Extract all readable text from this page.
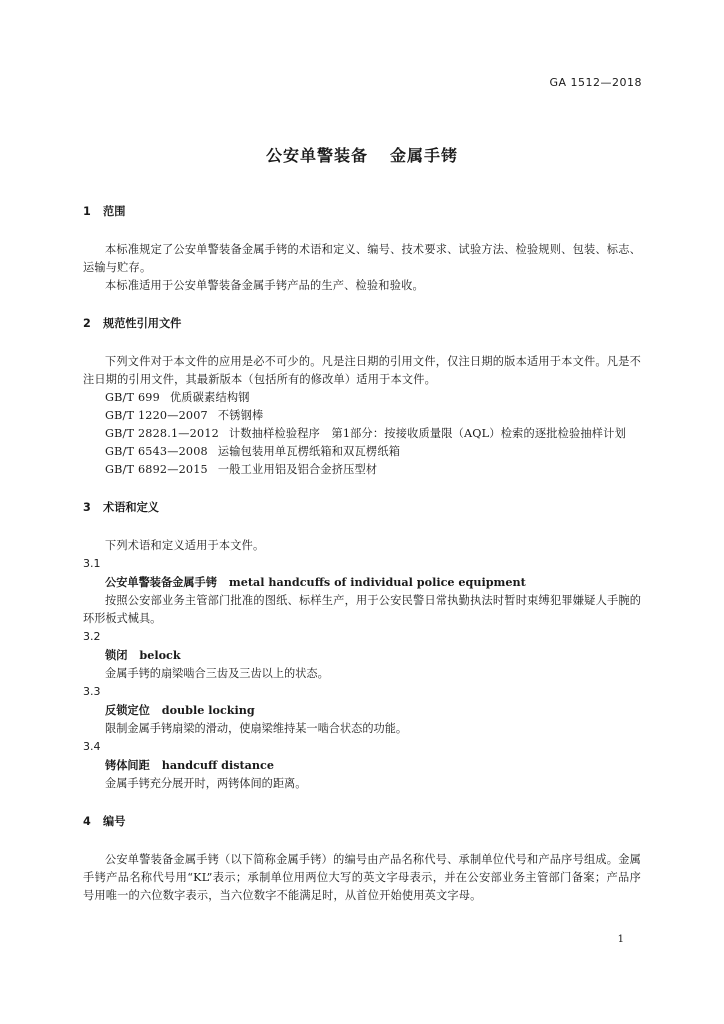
GA 1512—2018
公安单警装备 金属手铐

1 范围

本标准规定了公安单警装备金属手铐的术语和定义、编号、技术要求、试验方法、检验规则、包装、标志、运输与贮存。

本标准适用于公安单警装备金属手铐产品的生产、检验和验收。

2 规范性引用文件

下列文件对于本文件的应用是必不可少的。凡是注日期的引用文件，仅注日期的版本适用于本文件。凡是不注日期的引用文件，其最新版本（包括所有的修改单）适用于本文件。

GB/T 699 优质碳素结构钢

GB/T 1220—2007 不锈钢棒

GB/T 2828.1—2012 计数抽样检验程序　第1部分：按接收质量限（AQL）检索的逐批检验抽样计划

GB/T 6543—2008 运输包装用单瓦楞纸箱和双瓦楞纸箱

GB/T 6892—2015 一般工业用铝及铝合金挤压型材

3 术语和定义

下列术语和定义适用于本文件。

3.1

公安单警装备金属手铐 metal handcuffs of individual police equipment

按照公安部业务主管部门批准的图纸、标样生产，用于公安民警日常执勤执法时暂时束缚犯罪嫌疑人手腕的环形板式械具。

3.2

锁闭 belock

金属手铐的扇梁啮合三齿及三齿以上的状态。

3.3

反锁定位 double locking

限制金属手铐扇梁的滑动，使扇梁维持某一啮合状态的功能。

3.4

铐体间距 handcuff distance

金属手铐充分展开时，两铐体间的距离。

4 编号

公安单警装备金属手铐（以下简称金属手铐）的编号由产品名称代号、承制单位代号和产品序号组成。金属手铐产品名称代号用“KL”表示；承制单位用两位大写的英文字母表示，并在公安部业务主管部门备案；产品序号用唯一的六位数字表示，当六位数字不能满足时，从首位开始使用英文字母。

1
